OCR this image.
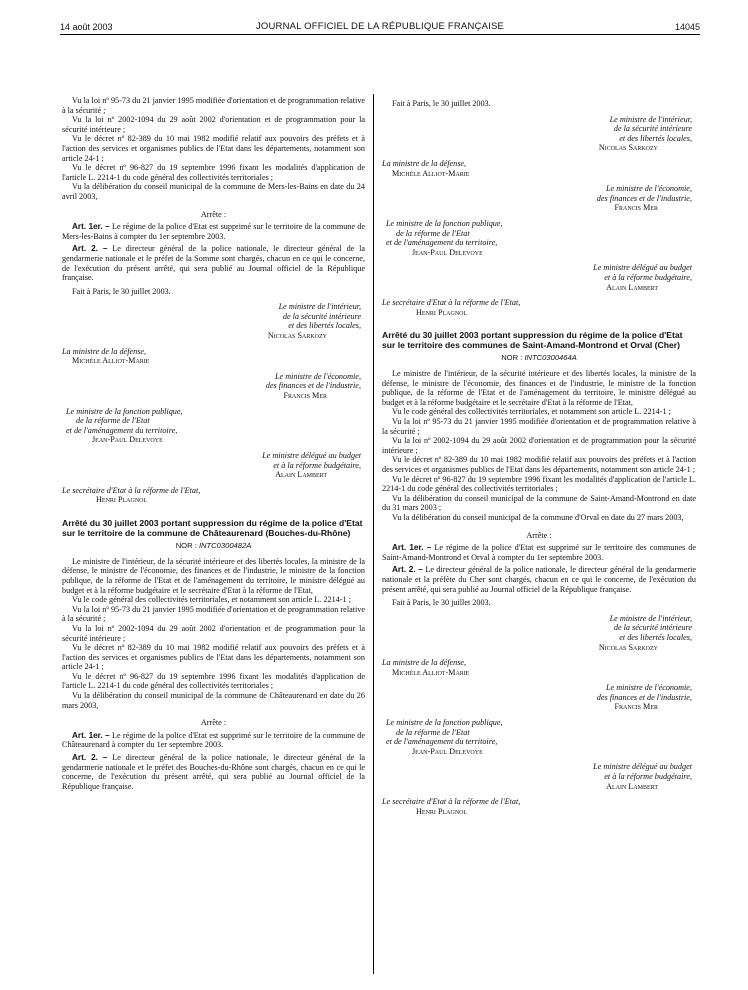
14 août 2003	JOURNAL OFFICIEL DE LA RÉPUBLIQUE FRANÇAISE	14045

Vu la loi nº 95-73 du 21 janvier 1995 modifiée d'orientation et de programmation relative à la sécurité ;

Vu la loi nº 2002-1094 du 29 août 2002 d'orientation et de programmation pour la sécurité intérieure ;

Vu le décret nº 82-389 du 10 mai 1982 modifié relatif aux pouvoirs des préfets et à l'action des services et organismes publics de l'Etat dans les départements, notamment son article 24-1 ;

Vu le décret nº 96-827 du 19 septembre 1996 fixant les modalités d'application de l'article L. 2214-1 du code général des collectivités territoriales ;

Vu la délibération du conseil municipal de la commune de Mers-les-Bains en date du 24 avril 2003,

Arrête :

Art. 1er. – Le régime de la police d'Etat est supprimé sur le territoire de la commune de Mers-les-Bains à compter du 1er septembre 2003.

Art. 2. – Le directeur général de la police nationale, le directeur général de la gendarmerie nationale et le préfet de la Somme sont chargés, chacun en ce qui le concerne, de l'exécution du présent arrêté, qui sera publié au Journal officiel de la République française.

Fait à Paris, le 30 juillet 2003.

Le ministre de l'intérieur,
de la sécurité intérieure
et des libertés locales,
Nicolas Sarkozy
La ministre de la défense,
Michèle Alliot-Marie
Le ministre de l'économie,
des finances et de l'industrie,
Francis Mer
Le ministre de la fonction publique,
de la réforme de l'Etat
et de l'aménagement du territoire,
Jean-Paul Delevoye
Le ministre délégué au budget
et à la réforme budgétaire,
Alain Lambert
Le secrétaire d'Etat à la réforme de l'Etat,
Henri Plagnol
Arrêté du 30 juillet 2003 portant suppression du régime de la police d'Etat sur le territoire de la commune de Châteaurenard (Bouches-du-Rhône)
NOR : INTC0300482A

Le ministre de l'intérieur, de la sécurité intérieure et des libertés locales, la ministre de la défense, le ministre de l'économie, des finances et de l'industrie, le ministre de la fonction publique, de la réforme de l'Etat et de l'aménagement du territoire, le ministre délégué au budget et à la réforme budgétaire et le secrétaire d'Etat à la réforme de l'Etat,

Vu le code général des collectivités territoriales, et notamment son article L. 2214-1 ;

Vu la loi nº 95-73 du 21 janvier 1995 modifiée d'orientation et de programmation relative à la sécurité ;

Vu la loi nº 2002-1094 du 29 août 2002 d'orientation et de programmation pour la sécurité intérieure ;

Vu le décret nº 82-389 du 10 mai 1982 modifié relatif aux pouvoirs des préfets et à l'action des services et organismes publics de l'Etat dans les départements, notamment son article 24-1 ;

Vu le décret nº 96-827 du 19 septembre 1996 fixant les modalités d'application de l'article L. 2214-1 du code général des collectivités territoriales ;

Vu la délibération du conseil municipal de la commune de Châteaurenard en date du 26 mars 2003,

Arrête :

Art. 1er. – Le régime de la police d'Etat est supprimé sur le territoire de la commune de Châteaurenard à compter du 1er septembre 2003.

Art. 2. – Le directeur général de la police nationale, le directeur général de la gendarmerie nationale et le préfet des Bouches-du-Rhône sont chargés, chacun en ce qui le concerne, de l'exécution du présent arrêté, qui sera publié au Journal officiel de la République française.

Fait à Paris, le 30 juillet 2003.

Le ministre de l'intérieur,
de la sécurité intérieure
et des libertés locales,
Nicolas Sarkozy
La ministre de la défense,
Michèle Alliot-Marie
Le ministre de l'économie,
des finances et de l'industrie,
Francis Mer
Le ministre de la fonction publique,
de la réforme de l'Etat
et de l'aménagement du territoire,
Jean-Paul Delevoye
Le ministre délégué au budget
et à la réforme budgétaire,
Alain Lambert
Le secrétaire d'Etat à la réforme de l'Etat,
Henri Plagnol
Arrêté du 30 juillet 2003 portant suppression du régime de la police d'Etat sur le territoire des communes de Saint-Amand-Montrond et Orval (Cher)
NOR : INTC0300464A

Le ministre de l'intérieur, de la sécurité intérieure et des libertés locales, la ministre de la défense, le ministre de l'économie, des finances et de l'industrie, le ministre de la fonction publique, de la réforme de l'Etat et de l'aménagement du territoire, le ministre délégué au budget et à la réforme budgétaire et le secrétaire d'Etat à la réforme de l'Etat,

Vu le code général des collectivités territoriales, et notamment son article L. 2214-1 ;

Vu la loi nº 95-73 du 21 janvier 1995 modifiée d'orientation et de programmation relative à la sécurité ;

Vu la loi nº 2002-1094 du 29 août 2002 d'orientation et de programmation pour la sécurité intérieure ;

Vu le décret nº 82-389 du 10 mai 1982 modifié relatif aux pouvoirs des préfets et à l'action des services et organismes publics de l'Etat dans les départements, notamment son article 24-1 ;

Vu le décret nº 96-827 du 19 septembre 1996 fixant les modalités d'application de l'article L. 2214-1 du code général des collectivités territoriales ;

Vu la délibération du conseil municipal de la commune de Saint-Amand-Montrond en date du 31 mars 2003 ;

Vu la délibération du conseil municipal de la commune d'Orval en date du 27 mars 2003,

Arrête :

Art. 1er. – Le régime de la police d'Etat est supprimé sur le territoire des communes de Saint-Amand-Montrond et Orval à compter du 1er septembre 2003.

Art. 2. – Le directeur général de la police nationale, le directeur général de la gendarmerie nationale et la préfète du Cher sont chargés, chacun en ce qui le concerne, de l'exécution du présent arrêté, qui sera publié au Journal officiel de la République française.

Fait à Paris, le 30 juillet 2003.

Le ministre de l'intérieur,
de la sécurité intérieure
et des libertés locales,
Nicolas Sarkozy
La ministre de la défense,
Michèle Alliot-Marie
Le ministre de l'économie,
des finances et de l'industrie,
Francis Mer
Le ministre de la fonction publique,
de la réforme de l'Etat
et de l'aménagement du territoire,
Jean-Paul Delevoye
Le ministre délégué au budget
et à la réforme budgétaire,
Alain Lambert
Le secrétaire d'Etat à la réforme de l'Etat,
Henri Plagnol
